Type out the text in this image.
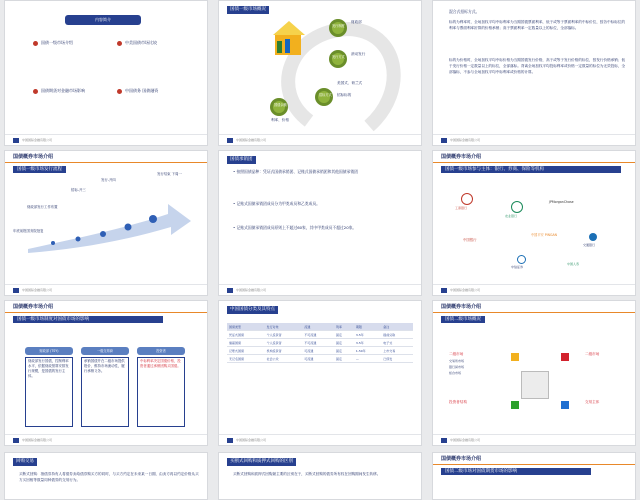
内容简介
国债一级市场介绍	中美国债市场比较
国债期货对金融市场影响	中国债务 国债融资
中国国际金融有限公司
国债一级市场概况
发行制度
发行方式
招标方式
国债余额
财政部
滚动发行
美国式、荷兰式
招标标的
利率、价格
中国国际金融有限公司
混合式招标方式。
标的为利率时，全场加权平均中标利率为当期国债票面利率，低于或等于票面利率的中标价位，按各中标标位的利率与票面利率折算的价格承销；高于票面利率一定数量以上的标位，全部落标。
标的为价格时，全场加权平均中标价格为当期国债发行价格，高于或等于发行价格的标位，按发行价格承销；低于发行价格一定数量以上的标位，全部落标。背离全场加权平均投标利率或价格一定数量的标位为无效投标，全部落标，不参与全场加权平均中标利率或价格的计算。
中国国际金融有限公司
国债概券市场介绍
国债一级市场发行流程
年底前报国务院批复
财政部发行工作布置
招标-开三
发行-开四
发行结束 下周一
中国国际金融有限公司
国债承销团
• 按照国债品种：凭证式国债承销团、记账式国债承销团和其他国债承销团
• 记账式国债承销团成员分为甲类成员和乙类成员。
• 记账式国债承销团成员原则上不超过60家，其中甲类成员不超过20家。
中国国际金融有限公司
国债概券市场介绍
国债一级市场参与主体：银行、券商、保险等机构
工商银行
农业银行
JPMorganChase
中国银行
中国平安 PINGAN
交通银行
中信证券
中国人寿
中国国际金融有限公司
国债概券市场介绍
国债一级市场制度对国债市场的影响
财政部 (TSY)
财政部发行国债，控制利率水平，依据财政预算安排发行规模，是国债的发行主体。
一级交易商
承销国债并在二级市场提供报价，维持市场流动性，履行承销义务。
投资者
中标利率决定国债价格，投资者通过承销团购买国债。
中国国际金融有限公司
中国国债分类及其特点
国债类型	发行对象	流通	利率	期限	备注
凭证式国债	个人投资者	不可流通	固定	3-5年	提前兑取
储蓄国债	个人投资者	不可流通	固定	3-5年	电子式
记账式国债	机构投资者	可流通	固定	1-50年	上市交易
无记名国债	社会公众	可流通	固定	—	已停发
中国国际金融有限公司
国债概券市场介绍
国债二级市场概况
二级市场
交易所市场
银行间市场
柜台市场
二级市场
投资者结构	交易主体
中国国际金融有限公司
回购交易
买断式回购：指债券持有人将债券卖给债券购买方的同时，与买方约定在未来某一日期，由卖方再以约定价格从买方买回相等数量同种债券的交易行为。
买断式回购和质押式回购的区别
买断式回购和质押式回购最主要的区别在于，买断式回购的债券所有权在回购期间发生转移。
国债概券市场介绍
国债二级市场对国债期货市场的影响
